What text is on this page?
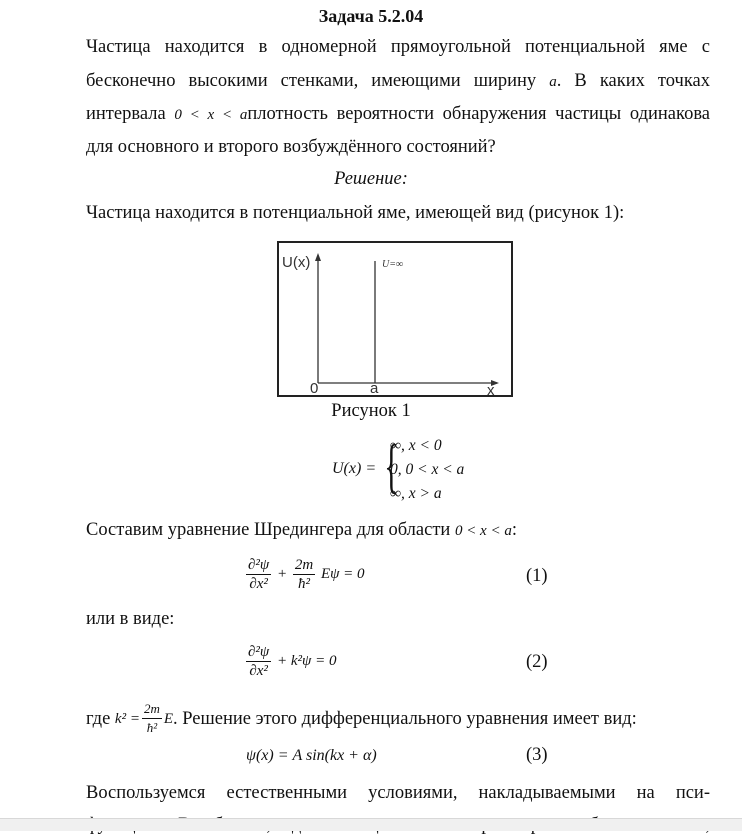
Задача 5.2.04
Частица находится в одномерной прямоугольной потенциальной яме с
бесконечно высокими стенками, имеющими ширину a. В каких точках
интервала 0 < x < aплотность вероятности обнаружения частицы одинакова
для основного и второго возбуждённого состояний?
Решение:
Частица находится в потенциальной яме, имеющей вид (рисунок 1):
U(x)	U=∞
0	a	x
Рисунок 1
U(x) = {
∞, x < 0
0, 0 < x < a
∞, x > a
Составим уравнение Шредингера для области 0 < x < a:
$\frac{\text{∂²ψ}}{\text{∂x²}} + \frac{2m}{\text{ħ²}}$ Eψ = 0	(1)
или в виде:
$\frac{\text{∂²ψ}}{\text{∂x²}} + k^2\psi = 0$	(2)
где
$k^2 = \frac{2m}{\text{ħ²}}$ E . Решение этого дифференциального уравнения имеет вид:
ψ(x) = A sin(kx + α)	(3)
Воспользуемся естественными условиями, накладываемыми на пси-
